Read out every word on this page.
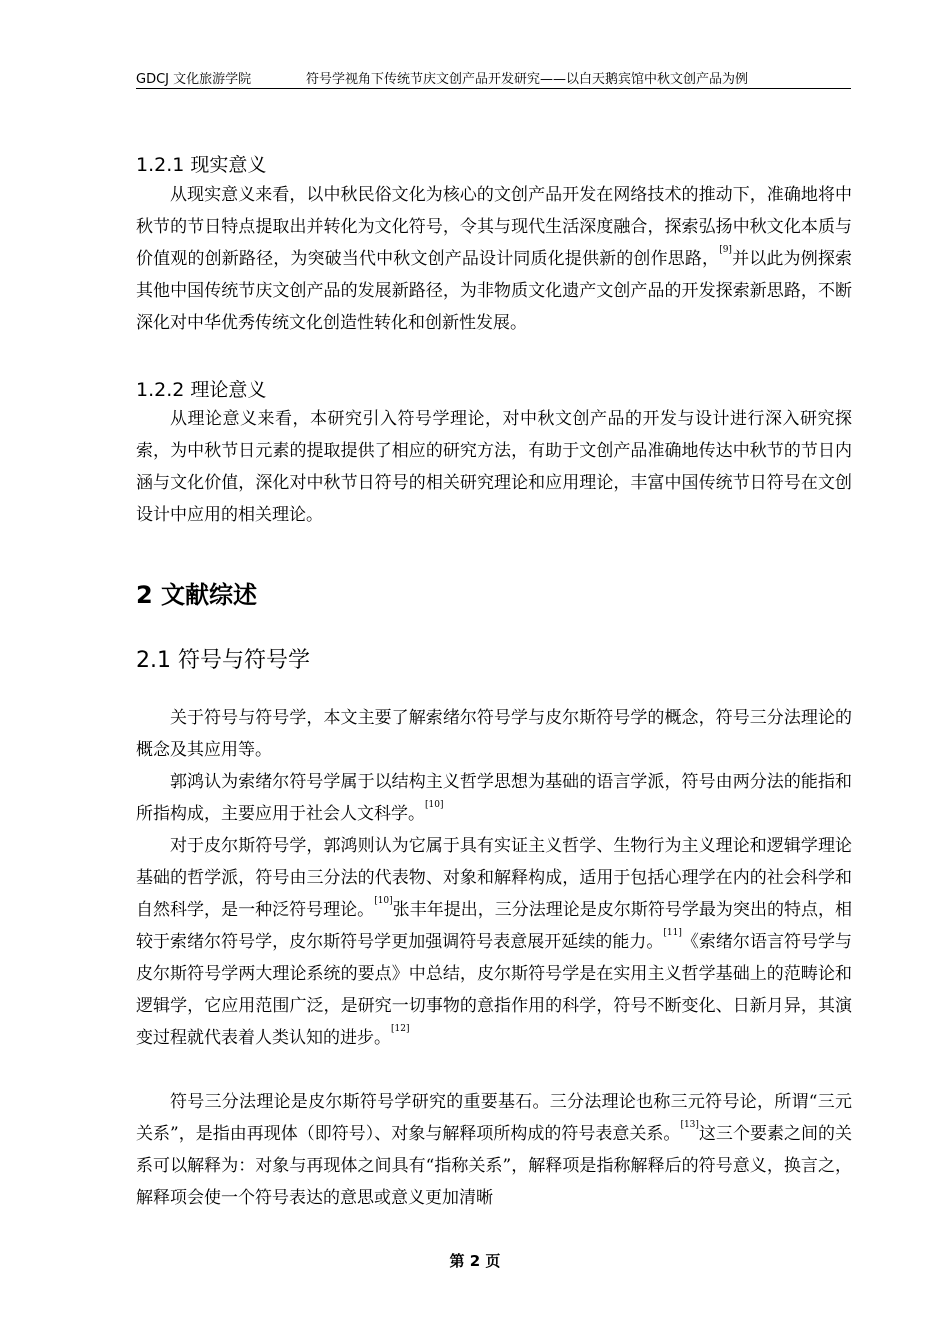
GDCJ 文化旅游学院	符号学视角下传统节庆文创产品开发研究——以白天鹅宾馆中秋文创产品为例
1.2.1 现实意义
从现实意义来看，以中秋民俗文化为核心的文创产品开发在网络技术的推动下，准确地将中秋节的节日特点提取出并转化为文化符号，令其与现代生活深度融合，探索弘扬中秋文化本质与价值观的创新路径，为突破当代中秋文创产品设计同质化提供新的创作思路，[9]并以此为例探索其他中国传统节庆文创产品的发展新路径，为非物质文化遗产文创产品的开发探索新思路，不断深化对中华优秀传统文化创造性转化和创新性发展。
1.2.2 理论意义
从理论意义来看，本研究引入符号学理论，对中秋文创产品的开发与设计进行深入研究探索，为中秋节日元素的提取提供了相应的研究方法，有助于文创产品准确地传达中秋节的节日内涵与文化价值，深化对中秋节日符号的相关研究理论和应用理论，丰富中国传统节日符号在文创设计中应用的相关理论。
2 文献综述
2.1 符号与符号学
关于符号与符号学，本文主要了解索绪尔符号学与皮尔斯符号学的概念，符号三分法理论的概念及其应用等。
郭鸿认为索绪尔符号学属于以结构主义哲学思想为基础的语言学派，符号由两分法的能指和所指构成，主要应用于社会人文科学。[10]
对于皮尔斯符号学，郭鸿则认为它属于具有实证主义哲学、生物行为主义理论和逻辑学理论基础的哲学派，符号由三分法的代表物、对象和解释构成，适用于包括心理学在内的社会科学和自然科学，是一种泛符号理论。[10]张丰年提出，三分法理论是皮尔斯符号学最为突出的特点，相较于索绪尔符号学，皮尔斯符号学更加强调符号表意展开延续的能力。[11]《索绪尔语言符号学与皮尔斯符号学两大理论系统的要点》中总结，皮尔斯符号学是在实用主义哲学基础上的范畴论和逻辑学，它应用范围广泛，是研究一切事物的意指作用的科学，符号不断变化、日新月异，其演变过程就代表着人类认知的进步。[12]
符号三分法理论是皮尔斯符号学研究的重要基石。三分法理论也称三元符号论，所谓“三元关系”，是指由再现体（即符号）、对象与解释项所构成的符号表意关系。[13]这三个要素之间的关系可以解释为：对象与再现体之间具有“指称关系”，解释项是指称解释后的符号意义，换言之，解释项会使一个符号表达的意思或意义更加清晰
第 2 页
